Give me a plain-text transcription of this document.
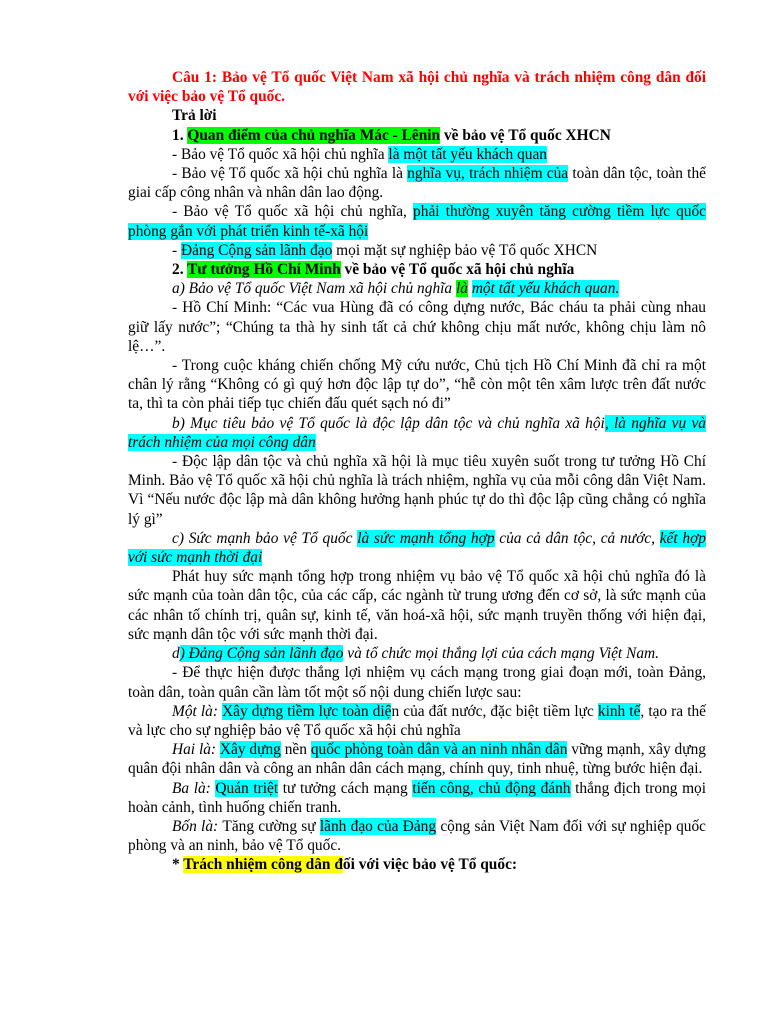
Câu 1: Bảo vệ Tổ quốc Việt Nam xã hội chủ nghĩa và trách nhiệm công dân đối với việc bảo vệ Tổ quốc.

Trả lời

1. Quan điểm của chủ nghĩa Mác - Lênin về bảo vệ Tổ quốc XHCN

- Bảo vệ Tổ quốc xã hội chủ nghĩa là một tất yếu khách quan

- Bảo vệ Tổ quốc xã hội chủ nghĩa là nghĩa vụ, trách nhiệm của toàn dân tộc, toàn thể giai cấp công nhân và nhân dân lao động.

- Bảo vệ Tổ quốc xã hội chủ nghĩa, phải thường xuyên tăng cường tiềm lực quốc phòng gắn với phát triển kinh tế-xã hội

- Đảng Cộng sản lãnh đạo mọi mặt sự nghiệp bảo vệ Tổ quốc XHCN

2. Tư tưởng Hồ Chí Minh về bảo vệ Tổ quốc xã hội chủ nghĩa

a) Bảo vệ Tổ quốc Việt Nam xã hội chủ nghĩa là một tất yếu khách quan.

- Hồ Chí Minh: “Các vua Hùng đã có công dựng nước, Bác cháu ta phải cùng nhau giữ lấy nước”; “Chúng ta thà hy sinh tất cả chứ không chịu mất nước, không chịu làm nô lệ…”.

- Trong cuộc kháng chiến chống Mỹ cứu nước, Chủ tịch Hồ Chí Minh đã chỉ ra một chân lý rằng “Không có gì quý hơn độc lập tự do”, “hễ còn một tên xâm lược trên đất nước ta, thì ta còn phải tiếp tục chiến đấu quét sạch nó đi”

b) Mục tiêu bảo vệ Tổ quốc là độc lập dân tộc và chủ nghĩa xã hội, là nghĩa vụ và trách nhiệm của mọi công dân

- Độc lập dân tộc và chủ nghĩa xã hội là mục tiêu xuyên suốt trong tư tưởng Hồ Chí Minh. Bảo vệ Tổ quốc xã hội chủ nghĩa là trách nhiệm, nghĩa vụ của mỗi công dân Việt Nam. Vì “Nếu nước độc lập mà dân không hưởng hạnh phúc tự do thì độc lập cũng chẳng có nghĩa lý gì”

c) Sức mạnh bảo vệ Tổ quốc là sức mạnh tổng hợp của cả dân tộc, cả nước, kết hợp với sức mạnh thời đại

Phát huy sức mạnh tổng hợp trong nhiệm vụ bảo vệ Tổ quốc xã hội chủ nghĩa đó là sức mạnh của toàn dân tộc, của các cấp, các ngành từ trung ương đến cơ sở, là sức mạnh của các nhân tố chính trị, quân sự, kinh tế, văn hoá-xã hội, sức mạnh truyền thống với hiện đại, sức mạnh dân tộc với sức mạnh thời đại.

d) Đảng Cộng sản lãnh đạo và tổ chức mọi thắng lợi của cách mạng Việt Nam.

- Để thực hiện được thắng lợi nhiệm vụ cách mạng trong giai đoạn mới, toàn Đảng, toàn dân, toàn quân cần làm tốt một số nội dung chiến lược sau:

Một là: Xây dựng tiềm lực toàn diện của đất nước, đặc biệt tiềm lực kinh tế, tạo ra thế và lực cho sự nghiệp bảo vệ Tổ quốc xã hội chủ nghĩa

Hai là: Xây dựng nền quốc phòng toàn dân và an ninh nhân dân vững mạnh, xây dựng quân đội nhân dân và công an nhân dân cách mạng, chính quy, tinh nhuệ, từng bước hiện đại.

Ba là: Quán triệt tư tưởng cách mạng tiến công, chủ động đánh thắng địch trong mọi hoàn cảnh, tình huống chiến tranh.

Bốn là: Tăng cường sự lãnh đạo của Đảng cộng sản Việt Nam đối với sự nghiệp quốc phòng và an ninh, bảo vệ Tổ quốc.

* Trách nhiệm công dân đối với việc bảo vệ Tổ quốc:
